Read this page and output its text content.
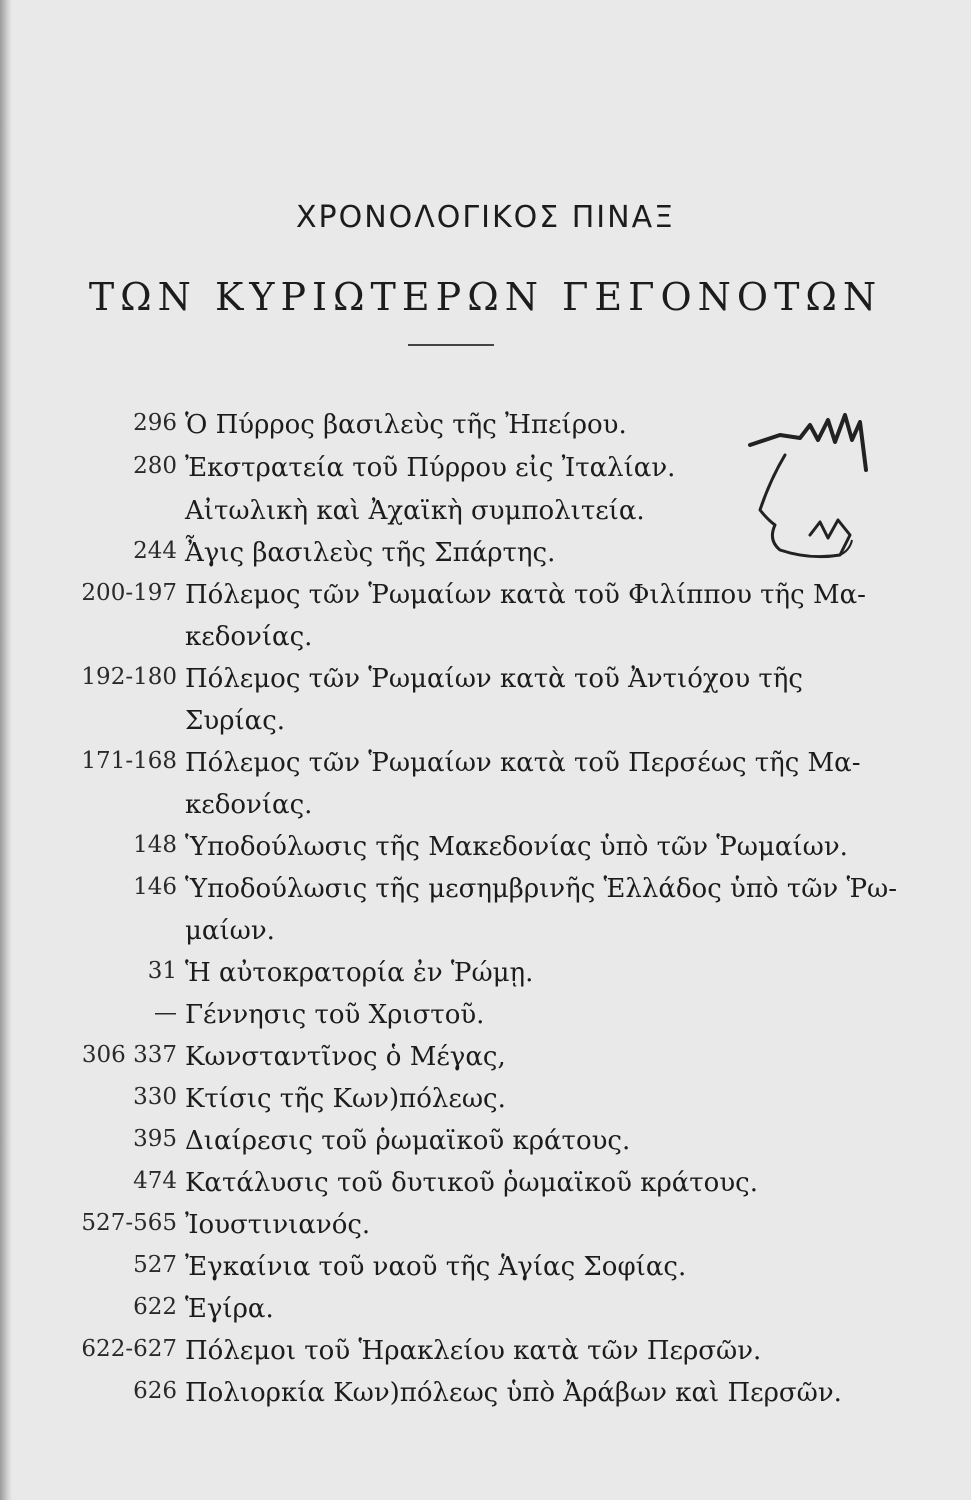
ΧΡΟΝΟΛΟΓΙΚΟΣ ΠΙΝΑΞ
ΤΩΝ ΚΥΡΙΩΤΕΡΩΝ ΓΕΓΟΝΟΤΩΝ
296 Ὁ Πύρρος βασιλεὺς τῆς Ἠπείρου.
280 Ἐκστρατεία τοῦ Πύρρου εἰς Ἰταλίαν.
Αἰτωλικὴ καὶ Ἀχαϊκὴ συμπολιτεία.
244 Ἆγις βασιλεὺς τῆς Σπάρτης.
200-197 Πόλεμος τῶν Ῥωμαίων κατὰ τοῦ Φιλίππου τῆς Μα-
κεδονίας.
192-180 Πόλεμος τῶν Ῥωμαίων κατὰ τοῦ Ἀντιόχου τῆς
Συρίας.
171-168 Πόλεμος τῶν Ῥωμαίων κατὰ τοῦ Περσέως τῆς Μα-
κεδονίας.
148 Ὑποδούλωσις τῆς Μακεδονίας ὑπὸ τῶν Ῥωμαίων.
146 Ὑποδούλωσις τῆς μεσημβρινῆς Ἑλλάδος ὑπὸ τῶν Ῥω-
μαίων.
31 Ἡ αὐτοκρατορία ἐν Ῥώμῃ.
— Γέννησις τοῦ Χριστοῦ.
306 337 Κωνσταντῖνος ὁ Μέγας,
330 Κτίσις τῆς Κων)πόλεως.
395 Διαίρεσις τοῦ ῥωμαϊκοῦ κράτους.
474 Κατάλυσις τοῦ δυτικοῦ ῥωμαϊκοῦ κράτους.
527-565 Ἰουστινιανός.
527 Ἐγκαίνια τοῦ ναοῦ τῆς Ἁγίας Σοφίας.
622 Ἑγίρα.
622-627 Πόλεμοι τοῦ Ἡρακλείου κατὰ τῶν Περσῶν.
626 Πολιορκία Κων)πόλεως ὑπὸ Ἀράβων καὶ Περσῶν.
